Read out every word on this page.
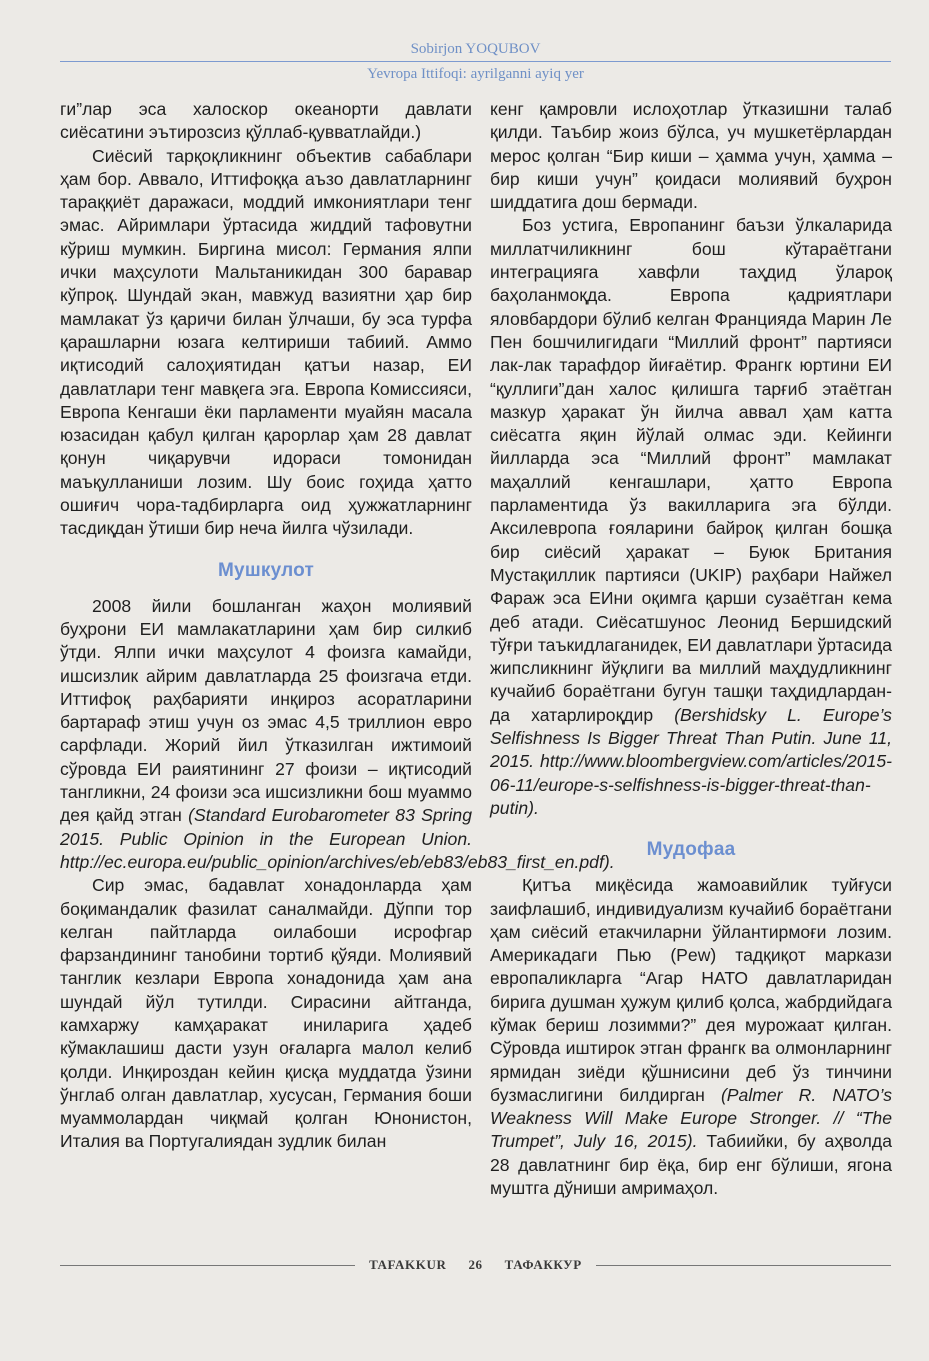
Sobirjon YOQUBOV
Yevropa Ittifoqi: ayrilganni ayiq yer

ги”лар эса халоскор океанорти давлати сиёсатини эътирозсиз қўллаб-қувватлайди.)

Сиёсий тарқоқликнинг объектив сабаблари ҳам бор. Аввало, Иттифоққа аъзо давлатларнинг тараққиёт даражаси, моддий имкониятлари тенг эмас. Айримлари ўртасида жиддий тафовутни кўриш мумкин. Биргина мисол: Германия ялпи ички маҳсулоти Мальтаникидан 300 баравар кўпроқ. Шундай экан, мавжуд вазиятни ҳар бир мамлакат ўз қаричи билан ўлчаши, бу эса турфа қарашларни юзага келтириши табиий. Аммо иқтисодий салоҳиятидан қатъи назар, ЕИ давлатлари тенг мавқега эга. Европа Комиссияси, Европа Кенгаши ёки парламенти муайян масала юзасидан қабул қилган қарорлар ҳам 28 давлат қонун чиқарувчи идораси томонидан маъқулланиши лозим. Шу боис гоҳида ҳатто ошиғич чора-тадбирларга оид ҳужжатларнинг тасдиқдан ўтиши бир неча йилга чўзилади.

Мушкулот

2008 йили бошланган жаҳон молиявий буҳрони ЕИ мамлакатларини ҳам бир силкиб ўтди. Ялпи ички маҳсулот 4 фоизга камайди, ишсизлик айрим давлатларда 25 фоизгача етди. Иттифоқ раҳбарияти инқироз асоратларини бартараф этиш учун оз эмас 4,5 триллион евро сарфлади. Жорий йил ўтказилган ижтимоий сўровда ЕИ раиятининг 27 фоизи – иқтисодий тангликни, 24 фоизи эса ишсизликни бош муаммо дея қайд этган (Standard Eurobarometer 83 Spring 2015. Public Opinion in the European Union. http://ec.europa.eu/public_opinion/archives/eb/eb83/eb83_first_en.pdf).

Сир эмас, бадавлат хонадонларда ҳам боқимандалик фазилат саналмайди. Дўппи тор келган пайтларда оилабоши исрофгар фарзандининг танобини тортиб қўяди. Молиявий танглик кезлари Европа хонадонида ҳам ана шундай йўл тутилди. Сирасини айтганда, камхаржу камҳаракат иниларига ҳадеб кўмаклашиш дасти узун оғаларга малол келиб қолди. Инқироздан кейин қисқа муддатда ўзини ўнглаб олган давлатлар, хусусан, Германия боши муаммолардан чиқмай қолган Юнонистон, Италия ва Португалиядан зудлик билан

кенг қамровли ислоҳотлар ўтказишни талаб қилди. Таъбир жоиз бўлса, уч мушкетёрлардан мерос қолган “Бир киши – ҳамма учун, ҳамма – бир киши учун” қоидаси молиявий буҳрон шиддатига дош бермади.

Боз устига, Европанинг баъзи ўлкаларида миллатчиликнинг бош кўтараётгани интеграцияга хавфли таҳдид ўлароқ баҳоланмоқда. Европа қадриятлари яловбардори бўлиб келган Францияда Марин Ле Пен бошчилигидаги “Миллий фронт” партияси лак-лак тарафдор йиғаётир. Франгк юртини ЕИ “қуллиги”дан халос қилишга тарғиб этаётган мазкур ҳаракат ўн йилча аввал ҳам катта сиёсатга яқин йўлай олмас эди. Кейинги йилларда эса “Миллий фронт” мамлакат маҳаллий кенгашлари, ҳатто Европа парламентида ўз вакилларига эга бўлди. Аксилевропа ғояларини байроқ қилган бошқа бир сиёсий ҳаракат – Буюк Британия Мустақиллик партияси (UKIP) раҳбари Найжел Фараж эса ЕИни оқимга қарши сузаётган кема деб атади. Сиёсатшунос Леонид Бершидский тўғри таъкидлаганидек, ЕИ давлатлари ўртасида жипсликнинг йўқлиги ва миллий маҳдудликнинг кучайиб бораётгани бугун ташқи таҳдидлардан-да хатарлироқдир (Bershidsky L. Europe’s Selfishness Is Bigger Threat Than Putin. June 11, 2015. http://www.bloombergview.com/articles/2015-06-11/europe-s-selfishness-is-bigger-threat-than-putin).

Мудофаа

Қитъа миқёсида жамоавийлик туйғуси заифлашиб, индивидуализм кучайиб бораётгани ҳам сиёсий етакчиларни ўйлантирмоғи лозим. Америкадаги Пью (Pew) тадқиқот маркази европаликларга “Агар НАТО давлатларидан бирига душман ҳужум қилиб қолса, жабрдийдага кўмак бериш лозимми?” дея мурожаат қилган. Сўровда иштирок этган франгк ва олмонларнинг ярмидан зиёди қўшнисини деб ўз тинчини бузмаслигини билдирган (Palmer R. NATO’s Weakness Will Make Europe Stronger. // “The Trumpet”, July 16, 2015). Табиийки, бу аҳволда 28 давлатнинг бир ёқа, бир енг бўлиши, ягона муштга дўниши амримаҳол.

TAFAKKUR 26 ТАФАККУР
